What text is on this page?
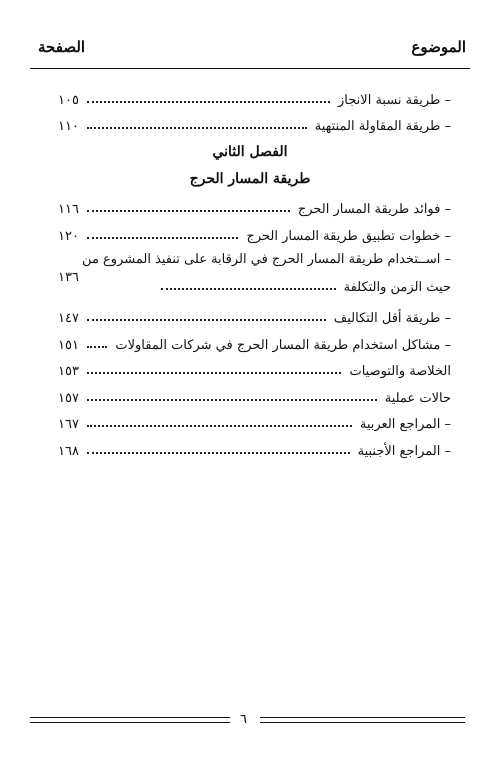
الموضوع
الصفحة
– طريقة نسبة الانجاز
١٠٥
– طريقة المقاولة المنتهية
١١٠
الفصل الثاني
طريقة المسار الحرج
– فوائد طريقة المسار الحرج
١١٦
– خطوات تطبيق طريقة المسار الحرج
١٢٠
– اســتخدام طريقة المسار الحرج في الرقابة على تنفيذ المشروع من
حيث الزمن والتكلفة
١٣٦
– طريقة أقل التكاليف
١٤٧
– مشاكل استخدام طريقة المسار الحرج في شركات المقاولات
١٥١
الخلاصة والتوصيات
١٥٣
حالات عملية
١٥٧
– المراجع العربية
١٦٧
– المراجع الأجنبية
١٦٨
٦
